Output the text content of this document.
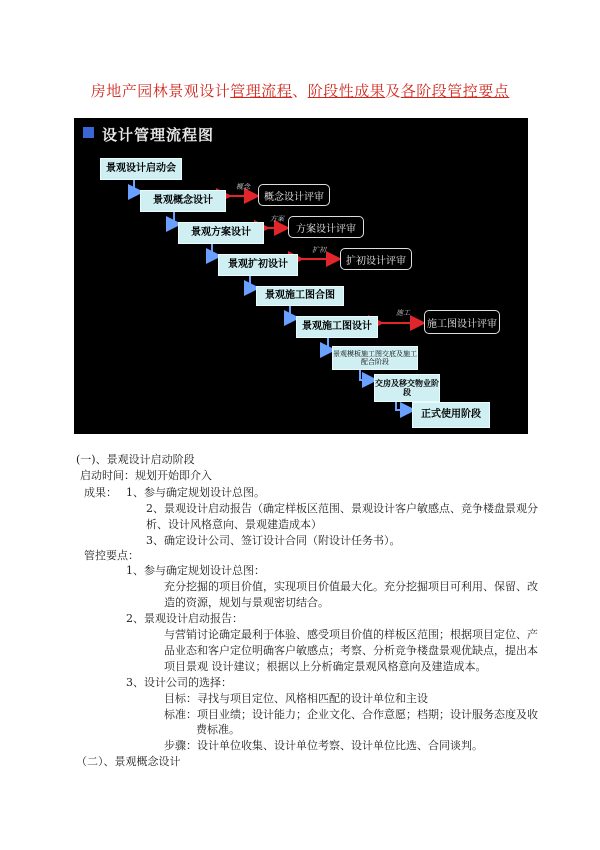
房地产园林景观设计管理流程、阶段性成果及各阶段管控要点
设计管理流程图
景观设计启动会
景观概念设计
景观方案设计
景观扩初设计
景观施工图合图
景观施工图设计
景观模板施工图交底及施工配合阶段
交房及移交物业阶段
正式使用阶段
概念设计评审
方案设计评审
扩初设计评审
施工图设计评审
概念
方案
扩初
施工
(一)、景观设计启动阶段
启动时间：规划开始即介入
成果： 1、参与确定规划设计总图。
2、景观设计启动报告（确定样板区范围、景观设计客户敏感点、竞争楼盘景观分
析、设计风格意向、景观建造成本）
3、确定设计公司、签订设计合同（附设计任务书）。
管控要点：
1、参与确定规划设计总图：
充分挖掘的项目价值，实现项目价值最大化。充分挖掘项目可利用、保留、改
造的资源，规划与景观密切结合。
2、景观设计启动报告：
与营销讨论确定最利于体验、感受项目价值的样板区范围；根据项目定位、产
品业态和客户定位明确客户敏感点；考察、分析竞争楼盘景观优缺点，提出本
项目景观 设计建议；根据以上分析确定景观风格意向及建造成本。
3、设计公司的选择：
目标：寻找与项目定位、风格相匹配的设计单位和主设
标准：项目业绩；设计能力；企业文化、合作意愿；档期；设计服务态度及收
费标准。
步骤：设计单位收集、设计单位考察、设计单位比选、合同谈判。
（二）、景观概念设计
